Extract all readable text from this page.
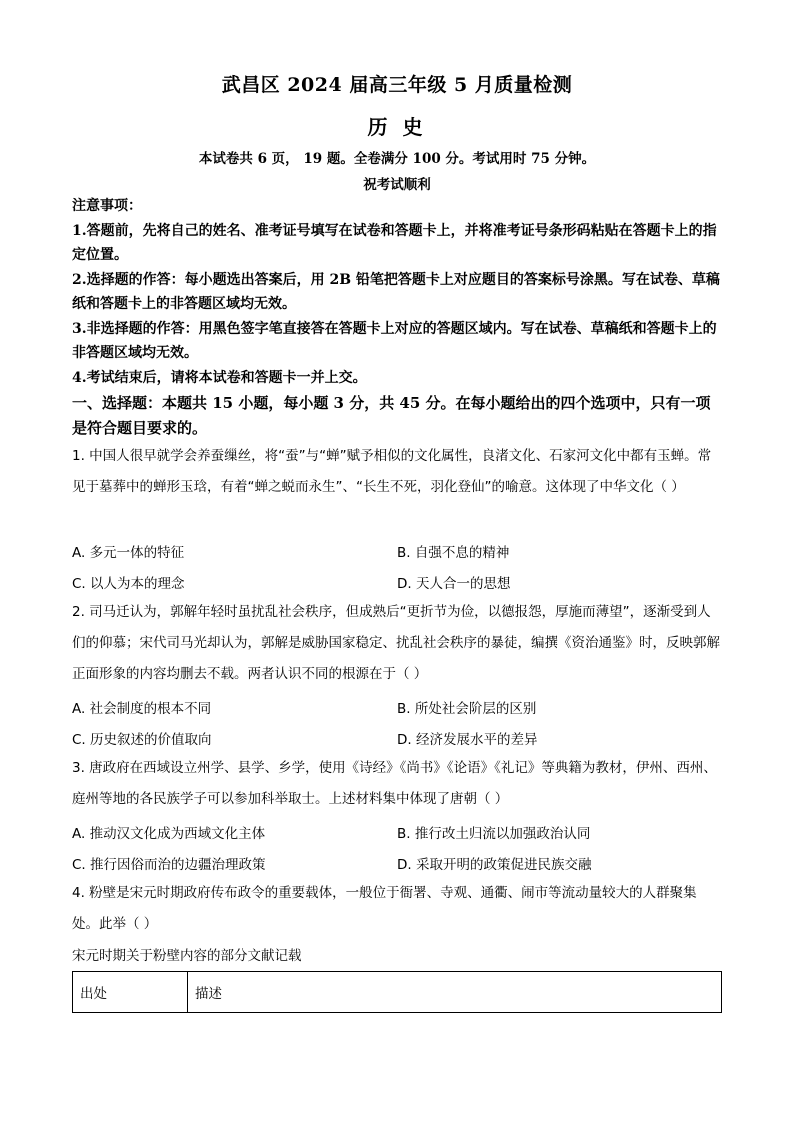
武昌区 2024 届高三年级 5 月质量检测
历 史
本试卷共 6 页， 19 题。全卷满分 100 分。考试用时 75 分钟。
祝考试顺利

注意事项：

1.答题前，先将自己的姓名、准考证号填写在试卷和答题卡上，并将准考证号条形码粘贴在答题卡上的指定位置。

2.选择题的作答：每小题选出答案后，用 2B 铅笔把答题卡上对应题目的答案标号涂黑。写在试卷、草稿纸和答题卡上的非答题区域均无效。

3.非选择题的作答：用黑色签字笔直接答在答题卡上对应的答题区域内。写在试卷、草稿纸和答题卡上的非答题区域均无效。

4.考试结束后，请将本试卷和答题卡一并上交。

一、选择题：本题共 15 小题，每小题 3 分，共 45 分。在每小题给出的四个选项中，只有一项是符合题目要求的。

1. 中国人很早就学会养蚕缫丝，将“蚕”与“蝉”赋予相似的文化属性，良渚文化、石家河文化中都有玉蝉。常见于墓葬中的蝉形玉琀，有着“蝉之蜕而永生”、“长生不死，羽化登仙”的喻意。这体现了中华文化（ ）

A. 多元一体的特征	B. 自强不息的精神
C. 以人为本的理念	D. 天人合一的思想

2. 司马迁认为，郭解年轻时虽扰乱社会秩序，但成熟后“更折节为俭，以德报怨，厚施而薄望”，逐渐受到人们的仰慕；宋代司马光却认为，郭解是威胁国家稳定、扰乱社会秩序的暴徒，编撰《资治通鉴》时，反映郭解正面形象的内容均删去不载。两者认识不同的根源在于（ ）

A. 社会制度的根本不同	B. 所处社会阶层的区别
C. 历史叙述的价值取向	D. 经济发展水平的差异

3. 唐政府在西域设立州学、县学、乡学，使用《诗经》《尚书》《论语》《礼记》等典籍为教材，伊州、西州、庭州等地的各民族学子可以参加科举取士。上述材料集中体现了唐朝（ ）

A. 推动汉文化成为西域文化主体	B. 推行改土归流以加强政治认同
C. 推行因俗而治的边疆治理政策	D. 采取开明的政策促进民族交融

4. 粉壁是宋元时期政府传布政令的重要载体，一般位于衙署、寺观、通衢、闹市等流动量较大的人群聚集处。此举（ ）

宋元时期关于粉壁内容的部分文献记载
出处	描述
